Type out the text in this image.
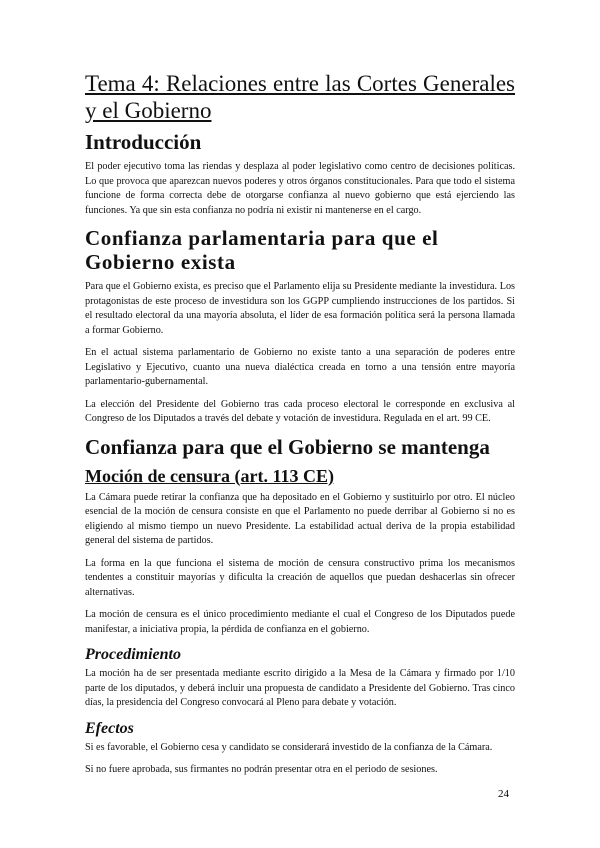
Tema 4: Relaciones entre las Cortes Generales y el Gobierno
Introducción

El poder ejecutivo toma las riendas y desplaza al poder legislativo como centro de decisiones políticas. Lo que provoca que aparezcan nuevos poderes y otros órganos constitucionales. Para que todo el sistema funcione de forma correcta debe de otorgarse confianza al nuevo gobierno que está ejerciendo las funciones. Ya que sin esta confianza no podría ni existir ni mantenerse en el cargo.

Confianza parlamentaria para que el Gobierno exista

Para que el Gobierno exista, es preciso que el Parlamento elija su Presidente mediante la investidura. Los protagonistas de este proceso de investidura son los GGPP cumpliendo instrucciones de los partidos. Si el resultado electoral da una mayoría absoluta, el líder de esa formación política será la persona llamada a formar Gobierno.

En el actual sistema parlamentario de Gobierno no existe tanto a una separación de poderes entre Legislativo y Ejecutivo, cuanto una nueva dialéctica creada en torno a una tensión entre mayoría parlamentario-gubernamental.

La elección del Presidente del Gobierno tras cada proceso electoral le corresponde en exclusiva al Congreso de los Diputados a través del debate y votación de investidura. Regulada en el art. 99 CE.

Confianza para que el Gobierno se mantenga
Moción de censura (art. 113 CE)

La Cámara puede retirar la confianza que ha depositado en el Gobierno y sustituirlo por otro. El núcleo esencial de la moción de censura consiste en que el Parlamento no puede derribar al Gobierno si no es eligiendo al mismo tiempo un nuevo Presidente. La estabilidad actual deriva de la propia estabilidad general del sistema de partidos.

La forma en la que funciona el sistema de moción de censura constructivo prima los mecanismos tendentes a constituir mayorías y dificulta la creación de aquellos que puedan deshacerlas sin ofrecer alternativas.

La moción de censura es el único procedimiento mediante el cual el Congreso de los Diputados puede manifestar, a iniciativa propia, la pérdida de confianza en el gobierno.

Procedimiento

La moción ha de ser presentada mediante escrito dirigido a la Mesa de la Cámara y firmado por 1/10 parte de los diputados, y deberá incluir una propuesta de candidato a Presidente del Gobierno. Tras cinco días, la presidencia del Congreso convocará al Pleno para debate y votación.

Efectos

Si es favorable, el Gobierno cesa y candidato se considerará investido de la confianza de la Cámara.

Si no fuere aprobada, sus firmantes no podrán presentar otra en el periodo de sesiones.

24
